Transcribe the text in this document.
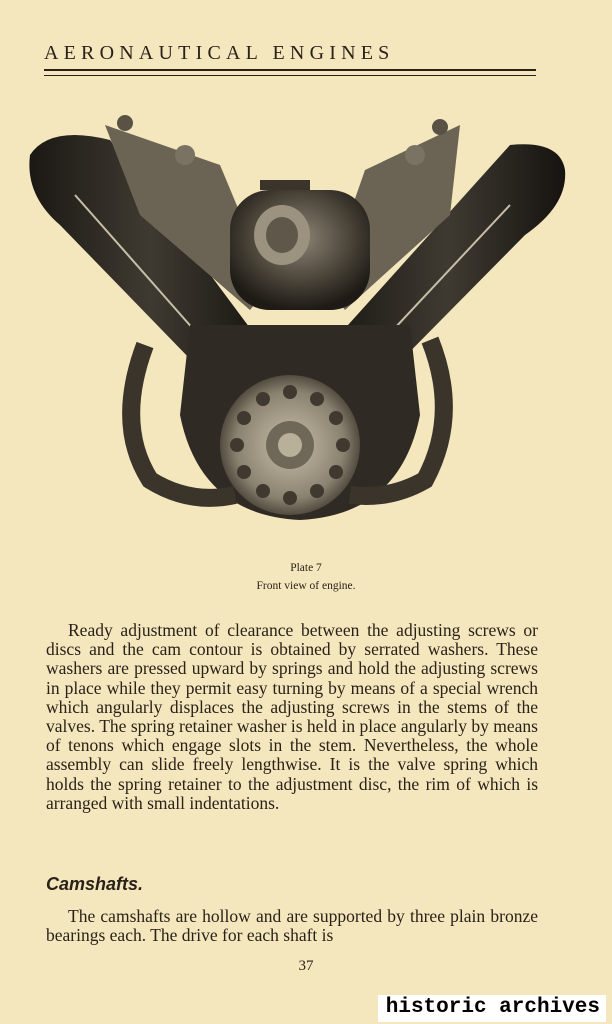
AERONAUTICAL ENGINES
Plate 7
Front view of engine.

Ready adjustment of clearance between the adjusting screws or discs and the cam contour is obtained by serrated washers. These washers are pressed upward by springs and hold the adjusting screws in place while they permit easy turning by means of a special wrench which angularly displaces the adjusting screws in the stems of the valves. The spring retainer washer is held in place angularly by means of tenons which engage slots in the stem. Nevertheless, the whole assembly can slide freely lengthwise. It is the valve spring which holds the spring retainer to the adjustment disc, the rim of which is arranged with small indentations.

Camshafts.

The camshafts are hollow and are supported by three plain bronze bearings each. The drive for each shaft is

37
historic archives
